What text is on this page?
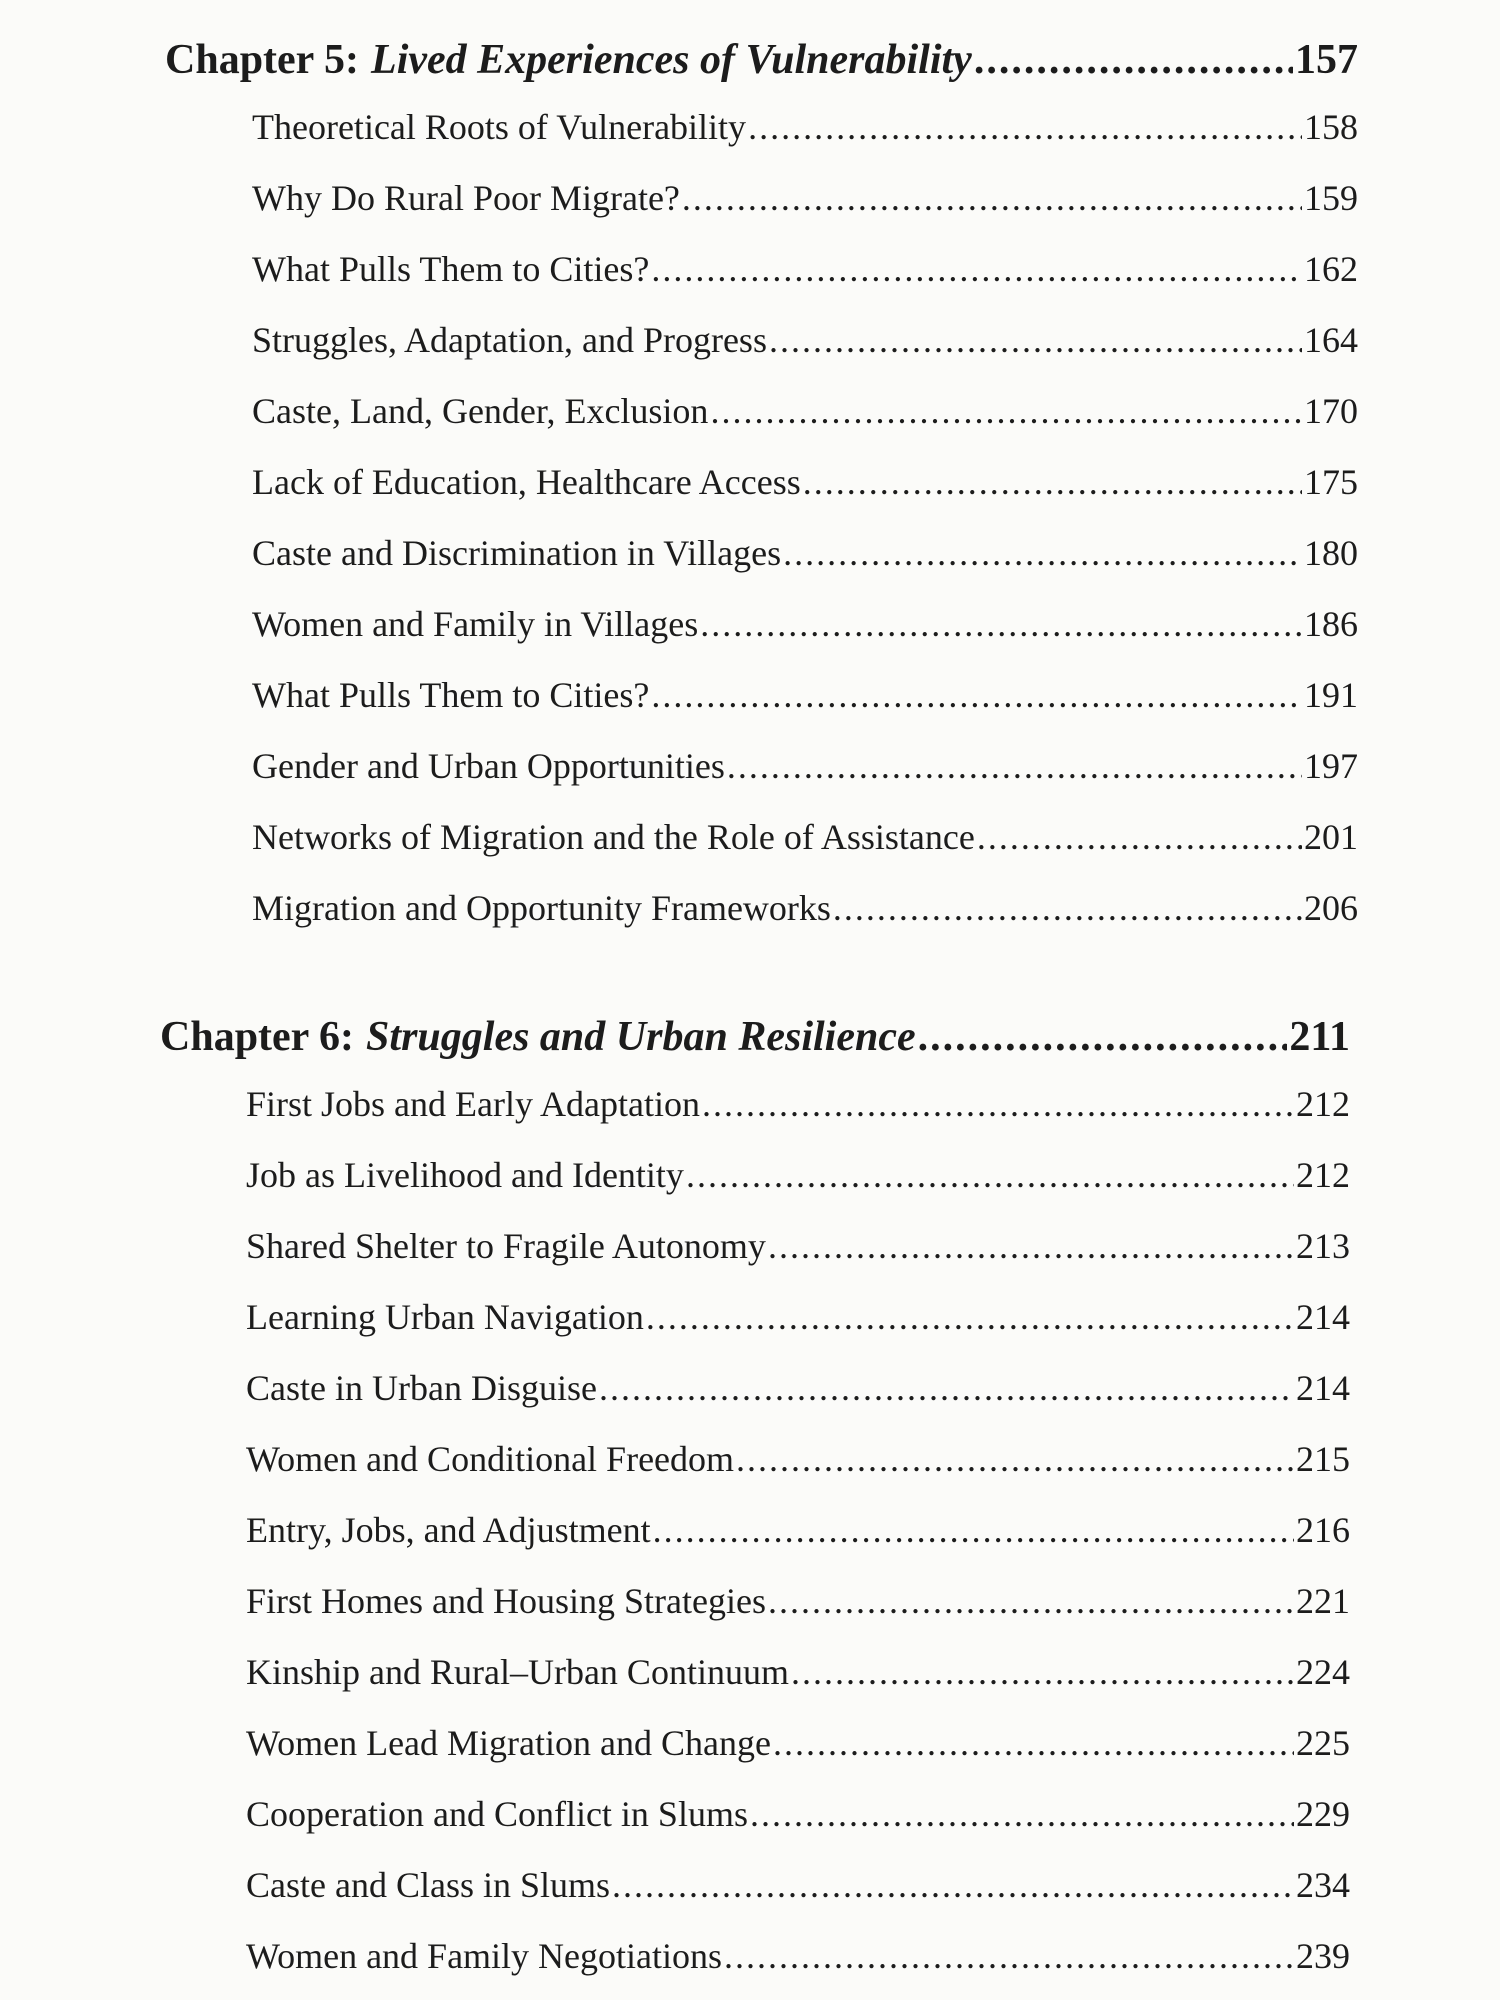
Chapter 5: Lived Experiences of Vulnerability .....	157
Theoretical Roots of Vulnerability .....	158
Why Do Rural Poor Migrate? .....	159
What Pulls Them to Cities? .....	162
Struggles, Adaptation, and Progress .....	164
Caste, Land, Gender, Exclusion .....	170
Lack of Education, Healthcare Access .....	175
Caste and Discrimination in Villages .....	180
Women and Family in Villages .....	186
What Pulls Them to Cities? .....	191
Gender and Urban Opportunities .....	197
Networks of Migration and the Role of Assistance .....	201
Migration and Opportunity Frameworks .....	206
Chapter 6: Struggles and Urban Resilience .....	211
First Jobs and Early Adaptation .....	212
Job as Livelihood and Identity .....	212
Shared Shelter to Fragile Autonomy .....	213
Learning Urban Navigation .....	214
Caste in Urban Disguise .....	214
Women and Conditional Freedom .....	215
Entry, Jobs, and Adjustment .....	216
First Homes and Housing Strategies .....	221
Kinship and Rural–Urban Continuum .....	224
Women Lead Migration and Change .....	225
Cooperation and Conflict in Slums .....	229
Caste and Class in Slums .....	234
Women and Family Negotiations .....	239
